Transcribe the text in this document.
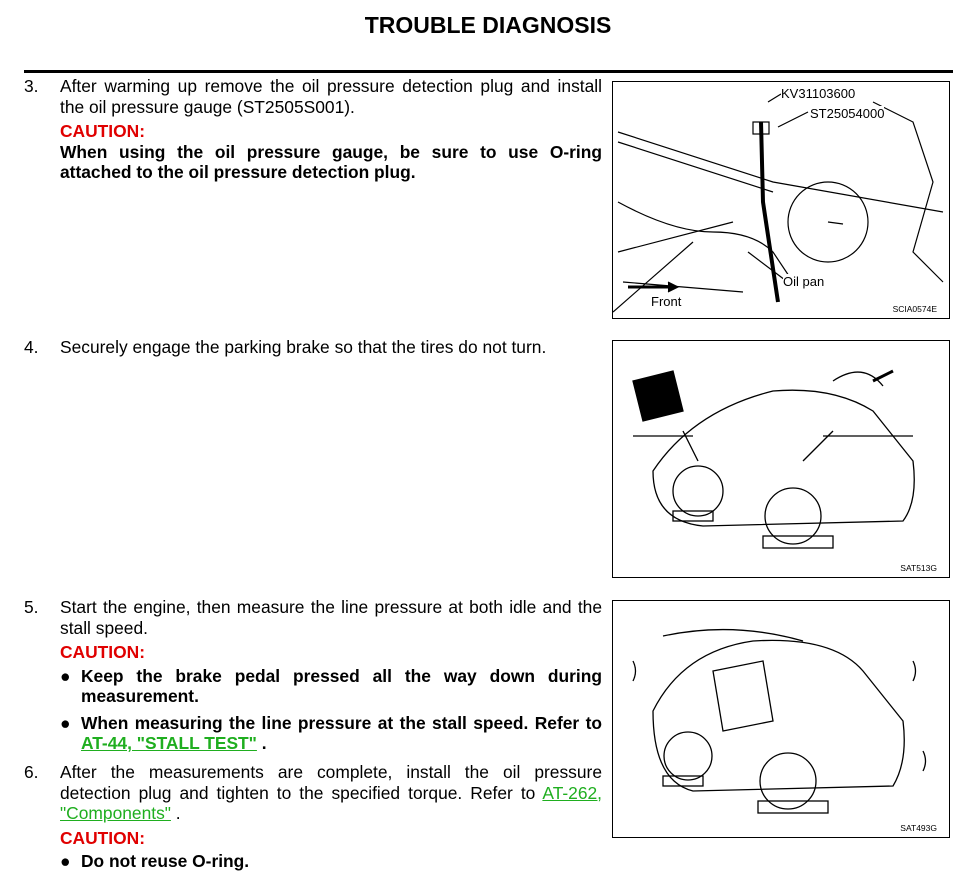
TROUBLE DIAGNOSIS
3. After warming up remove the oil pressure detection plug and install the oil pressure gauge (ST2505S001).
CAUTION:
When using the oil pressure gauge, be sure to use O-ring attached to the oil pressure detection plug.
4. Securely engage the parking brake so that the tires do not turn.
5. Start the engine, then measure the line pressure at both idle and the stall speed.
CAUTION:
● Keep the brake pedal pressed all the way down during measurement.
● When measuring the line pressure at the stall speed. Refer to AT-44, "STALL TEST" .
6. After the measurements are complete, install the oil pressure detection plug and tighten to the specified torque. Refer to AT-262, "Components" .
CAUTION:
● Do not reuse O-ring.
KV31103600
ST25054000
Oil pan
Front	SCIA0574E
SAT513G
SAT493G
